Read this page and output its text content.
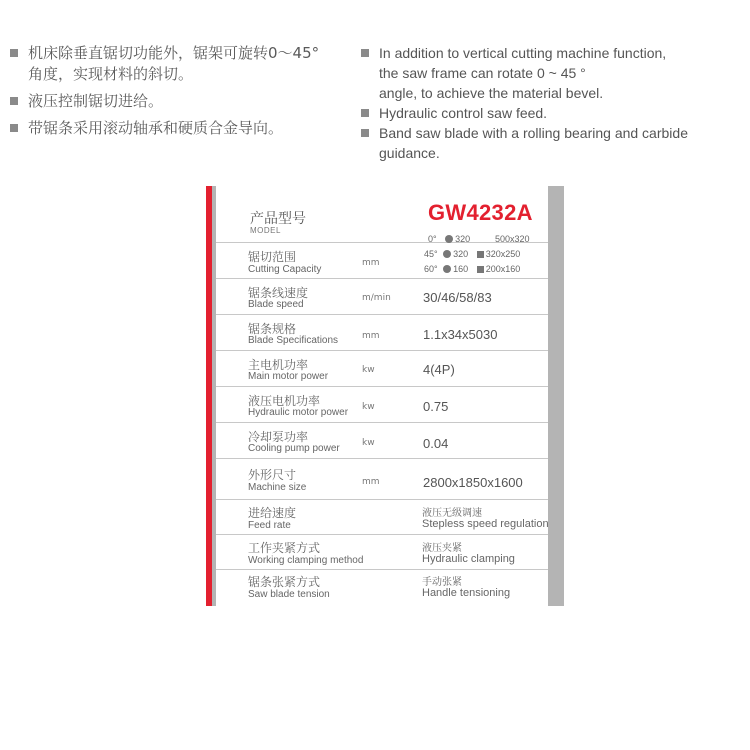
机床除垂直锯切功能外，锯架可旋转0～45°
角度，实现材料的斜切。
液压控制锯切进给。
带锯条采用滚动轴承和硬质合金导向。
In addition to vertical cutting machine function,
the saw frame can rotate 0 ~ 45 °
angle, to achieve the material bevel.
Hydraulic control saw feed.
Band saw blade with a rolling bearing and carbide guidance.
产品型号
MODEL
GW4232A
锯切范围
Cutting Capacity
mm
0° 320	500x320
45° 320 320x250
60° 160 200x160
锯条线速度
Blade speed
m/min 30/46/58/83
锯条规格
Blade Specifications	mm	1.1x34x5030
主电机功率
Main motor power
kw	4(4P)
液压电机功率
Hydraulic motor power kw	0.75
冷却泵功率
Cooling pump power kw	0.04
外形尺寸
Machine size	mm	2800x1850x1600
进给速度
Feed rate
液压无级调速
Stepless speed regulation
工作夹紧方式
Working clamping method
液压夹紧
Hydraulic clamping
锯条张紧方式
Saw blade tension
手动张紧
Handle tensioning
